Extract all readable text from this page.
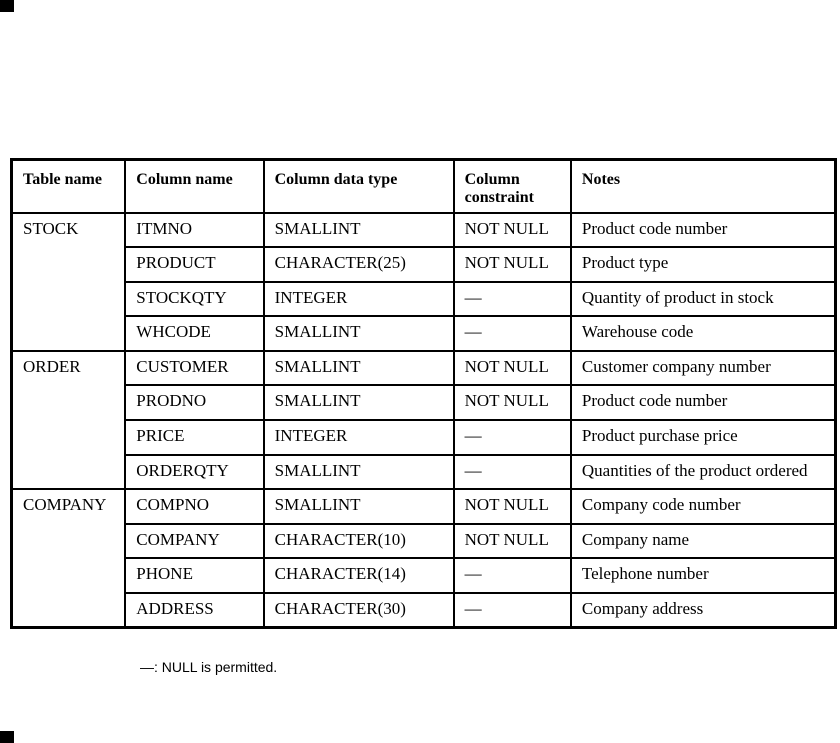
Table name	Column name	Column data type	Column constraint	Notes
STOCK	ITMNO	SMALLINT	NOT NULL	Product code number
	PRODUCT	CHARACTER(25)	NOT NULL	Product type
	STOCKQTY	INTEGER	—	Quantity of product in stock
	WHCODE	SMALLINT	—	Warehouse code
ORDER	CUSTOMER	SMALLINT	NOT NULL	Customer company number
	PRODNO	SMALLINT	NOT NULL	Product code number
	PRICE	INTEGER	—	Product purchase price
	ORDERQTY	SMALLINT	—	Quantities of the product ordered
COMPANY	COMPNO	SMALLINT	NOT NULL	Company code number
	COMPANY	CHARACTER(10)	NOT NULL	Company name
	PHONE	CHARACTER(14)	—	Telephone number
	ADDRESS	CHARACTER(30)	—	Company address
—: NULL is permitted.
